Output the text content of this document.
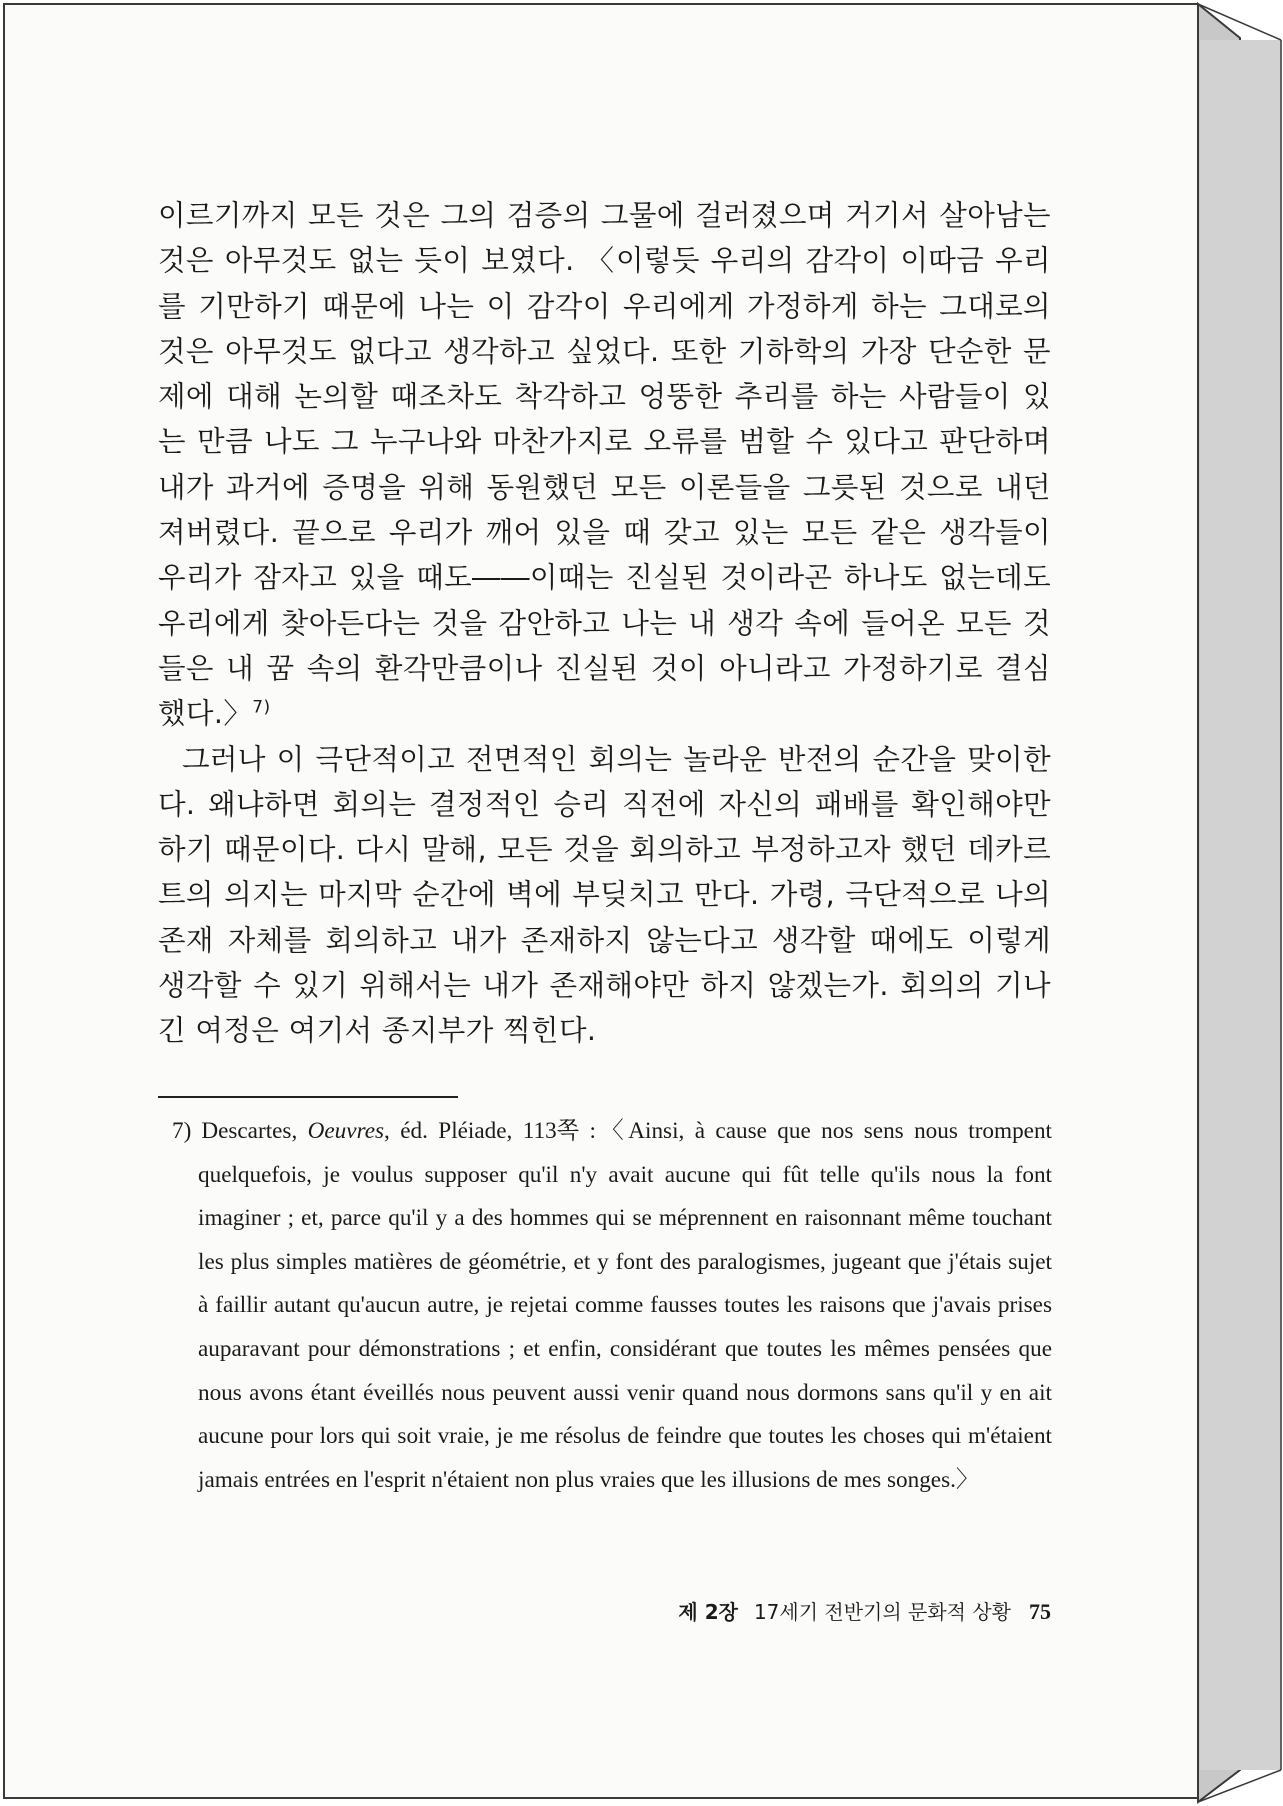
이르기까지 모든 것은 그의 검증의 그물에 걸러졌으며 거기서 살아남는 것은 아무것도 없는 듯이 보였다. 〈이렇듯 우리의 감각이 이따금 우리를 기만하기 때문에 나는 이 감각이 우리에게 가정하게 하는 그대로의 것은 아무것도 없다고 생각하고 싶었다. 또한 기하학의 가장 단순한 문제에 대해 논의할 때조차도 착각하고 엉뚱한 추리를 하는 사람들이 있는 만큼 나도 그 누구나와 마찬가지로 오류를 범할 수 있다고 판단하며 내가 과거에 증명을 위해 동원했던 모든 이론들을 그릇된 것으로 내던져버렸다. 끝으로 우리가 깨어 있을 때 갖고 있는 모든 같은 생각들이 우리가 잠자고 있을 때도――이때는 진실된 것이라곤 하나도 없는데도 우리에게 찾아든다는 것을 감안하고 나는 내 생각 속에 들어온 모든 것들은 내 꿈 속의 환각만큼이나 진실된 것이 아니라고 가정하기로 결심했다.〉$^{7)}$

그러나 이 극단적이고 전면적인 회의는 놀라운 반전의 순간을 맞이한다. 왜냐하면 회의는 결정적인 승리 직전에 자신의 패배를 확인해야만 하기 때문이다. 다시 말해, 모든 것을 회의하고 부정하고자 했던 데카르트의 의지는 마지막 순간에 벽에 부딪치고 만다. 가령, 극단적으로 나의 존재 자체를 회의하고 내가 존재하지 않는다고 생각할 때에도 이렇게 생각할 수 있기 위해서는 내가 존재해야만 하지 않겠는가. 회의의 기나긴 여정은 여기서 종지부가 찍힌다.

7) Descartes, Oeuvres, éd. Pléiade, 113쪽 :〈Ainsi, à cause que nos sens nous trompent quelquefois, je voulus supposer qu'il n'y avait aucune qui fût telle qu'ils nous la font imaginer ; et, parce qu'il y a des hommes qui se méprennent en raisonnant même touchant les plus simples matières de géométrie, et y font des paralogismes, jugeant que j'étais sujet à faillir autant qu'aucun autre, je rejetai comme fausses toutes les raisons que j'avais prises auparavant pour démonstrations ; et enfin, considérant que toutes les mêmes pensées que nous avons étant éveillés nous peuvent aussi venir quand nous dormons sans qu'il y en ait aucune pour lors qui soit vraie, je me résolus de feindre que toutes les choses qui m'étaient jamais entrées en l'esprit n'étaient non plus vraies que les illusions de mes songes.〉
제 2장 17세기 전반기의 문화적 상황 75
